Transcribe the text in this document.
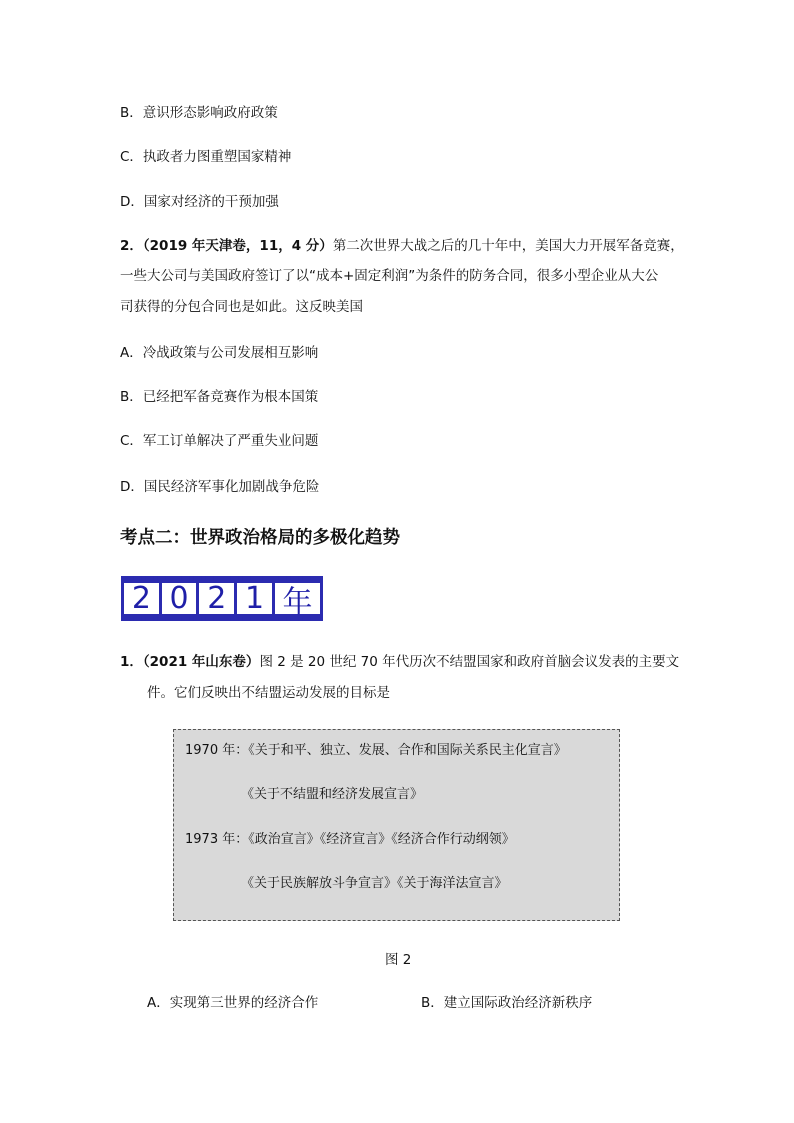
B．意识形态影响政府政策
C．执政者力图重塑国家精神
D．国家对经济的干预加强
2．（2019 年天津卷，11，4 分）第二次世界大战之后的几十年中，美国大力开展军备竞赛，
一些大公司与美国政府签订了以“成本+固定利润”为条件的防务合同，很多小型企业从大公
司获得的分包合同也是如此。这反映美国
A．冷战政策与公司发展相互影响
B．已经把军备竞赛作为根本国策
C．军工订单解决了严重失业问题
D．国民经济军事化加剧战争危险
考点二：世界政治格局的多极化趋势
2 0 2 1 年
1．（2021 年山东卷）图 2 是 20 世纪 70 年代历次不结盟国家和政府首脑会议发表的主要文
件。它们反映出不结盟运动发展的目标是
1970 年：《关于和平、独立、发展、合作和国际关系民主化宣言》
《关于不结盟和经济发展宣言》
1973 年：《政治宣言》《经济宣言》《经济合作行动纲领》
《关于民族解放斗争宣言》《关于海洋法宣言》
图 2
A．实现第三世界的经济合作	B．建立国际政治经济新秩序
